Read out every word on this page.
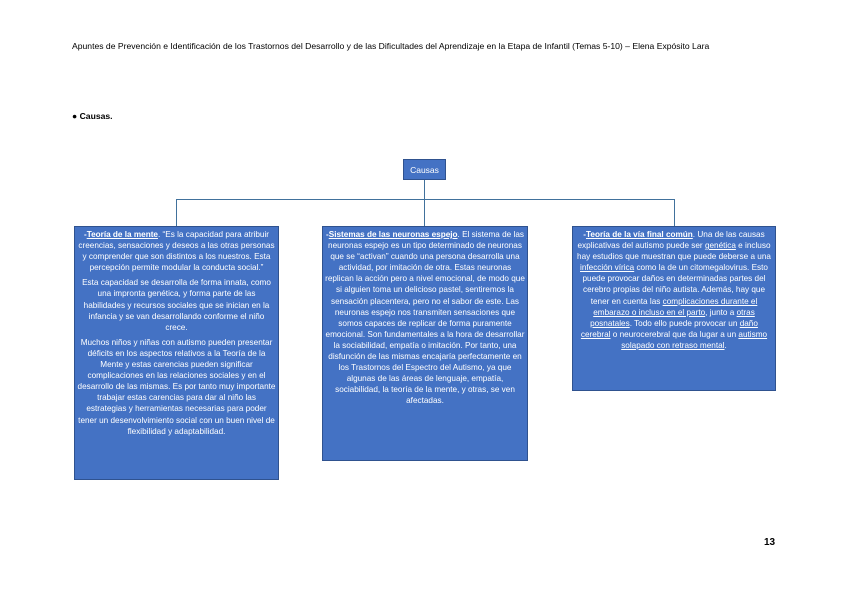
Apuntes de Prevención e Identificación de los Trastornos del Desarrollo y de las Dificultades del Aprendizaje en la Etapa de Infantil (Temas 5-10) – Elena Expósito Lara
● Causas.
Causas

-Teoría de la mente. “Es la capacidad para atribuir creencias, sensaciones y deseos a las otras personas y comprender que son distintos a los nuestros. Esta percepción permite modular la conducta social.”

Esta capacidad se desarrolla de forma innata, como una impronta genética, y forma parte de las habilidades y recursos sociales que se inician en la infancia y se van desarrollando conforme el niño crece.

Muchos niños y niñas con autismo pueden presentar déficits en los aspectos relativos a la Teoría de la Mente y estas carencias pueden significar complicaciones en las relaciones sociales y en el desarrollo de las mismas. Es por tanto muy importante trabajar estas carencias para dar al niño las estrategias y herramientas necesarias para poder tener un desenvolvimiento social con un buen nivel de flexibilidad y adaptabilidad.

-Sistemas de las neuronas espejo. El sistema de las neuronas espejo es un tipo determinado de neuronas que se “activan” cuando una persona desarrolla una actividad, por imitación de otra. Estas neuronas replican la acción pero a nivel emocional, de modo que si alguien toma un delicioso pastel, sentiremos la sensación placentera, pero no el sabor de este. Las neuronas espejo nos transmiten sensaciones que somos capaces de replicar de forma puramente emocional. Son fundamentales a la hora de desarrollar la sociabilidad, empatía o imitación. Por tanto, una disfunción de las mismas encajaría perfectamente en los Trastornos del Espectro del Autismo, ya que algunas de las áreas de lenguaje, empatía, sociabilidad, la teoría de la mente, y otras, se ven afectadas.

-Teoría de la vía final común. Una de las causas explicativas del autismo puede ser genética e incluso hay estudios que muestran que puede deberse a una infección vírica como la de un citomegalovirus. Esto puede provocar daños en determinadas partes del cerebro propias del niño autista. Además, hay que tener en cuenta las complicaciones durante el embarazo o incluso en el parto, junto a otras posnatales. Todo ello puede provocar un daño cerebral o neurocerebral que da lugar a un autismo solapado con retraso mental.

13
